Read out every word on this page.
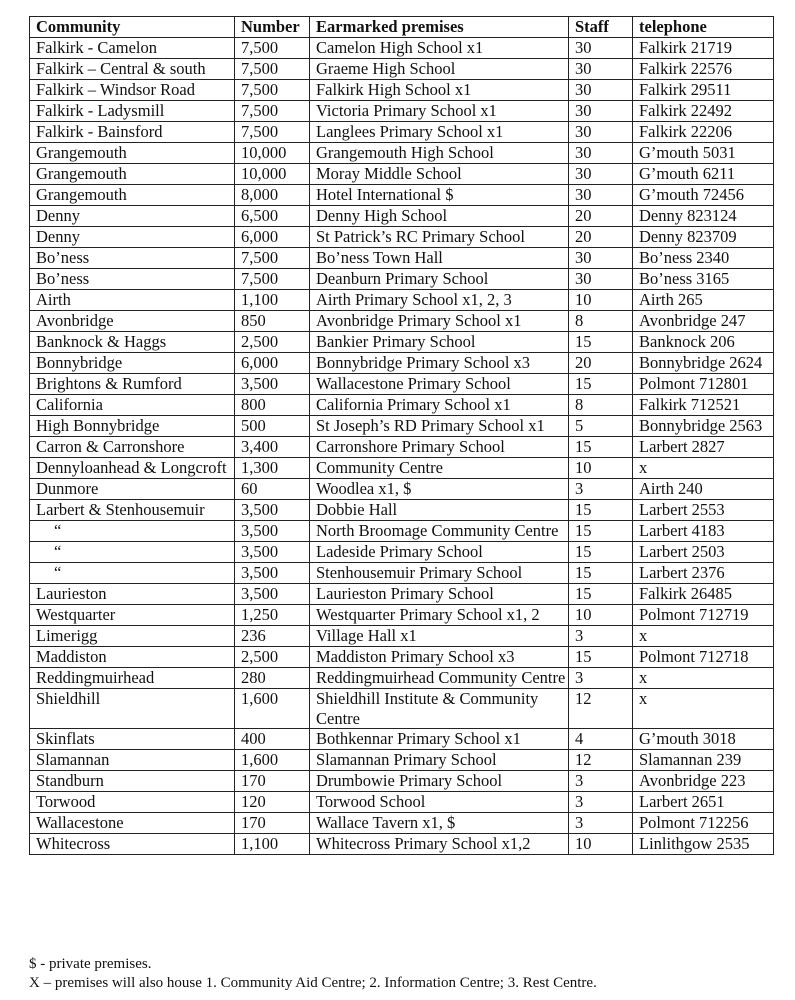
Community	Number	Earmarked premises	Staff	telephone
Falkirk - Camelon	7,500	Camelon High School x1	30	Falkirk 21719
Falkirk – Central & south	7,500	Graeme High School	30	Falkirk 22576
Falkirk – Windsor Road	7,500	Falkirk High School x1	30	Falkirk 29511
Falkirk - Ladysmill	7,500	Victoria Primary School x1	30	Falkirk 22492
Falkirk - Bainsford	7,500	Langlees Primary School x1	30	Falkirk 22206
Grangemouth	10,000	Grangemouth High School	30	G’mouth 5031
Grangemouth	10,000	Moray Middle School	30	G’mouth 6211
Grangemouth	8,000	Hotel International $	30	G’mouth 72456
Denny	6,500	Denny High School	20	Denny 823124
Denny	6,000	St Patrick’s RC Primary School	20	Denny 823709
Bo’ness	7,500	Bo’ness Town Hall	30	Bo’ness 2340
Bo’ness	7,500	Deanburn Primary School	30	Bo’ness 3165
Airth	1,100	Airth Primary School x1, 2, 3	10	Airth 265
Avonbridge	850	Avonbridge Primary School x1	8	Avonbridge 247
Banknock & Haggs	2,500	Bankier Primary School	15	Banknock 206
Bonnybridge	6,000	Bonnybridge Primary School x3	20	Bonnybridge 2624
Brightons & Rumford	3,500	Wallacestone Primary School	15	Polmont 712801
California	800	California Primary School x1	8	Falkirk 712521
High Bonnybridge	500	St Joseph’s RD Primary School x1	5	Bonnybridge 2563
Carron & Carronshore	3,400	Carronshore Primary School	15	Larbert 2827
Dennyloanhead & Longcroft	1,300	Community Centre	10	x
Dunmore	60	Woodlea x1, $	3	Airth 240
Larbert & Stenhousemuir	3,500	Dobbie Hall	15	Larbert 2553
“	3,500	North Broomage Community Centre	15	Larbert 4183
“	3,500	Ladeside Primary School	15	Larbert 2503
“	3,500	Stenhousemuir Primary School	15	Larbert 2376
Laurieston	3,500	Laurieston Primary School	15	Falkirk 26485
Westquarter	1,250	Westquarter Primary School x1, 2	10	Polmont 712719
Limerigg	236	Village Hall x1	3	x
Maddiston	2,500	Maddiston Primary School x3	15	Polmont 712718
Reddingmuirhead	280	Reddingmuirhead Community Centre	3	x
Shieldhill	1,600	Shieldhill Institute & Community Centre	12	x
Skinflats	400	Bothkennar Primary School x1	4	G’mouth 3018
Slamannan	1,600	Slamannan Primary School	12	Slamannan 239
Standburn	170	Drumbowie Primary School	3	Avonbridge 223
Torwood	120	Torwood School	3	Larbert 2651
Wallacestone	170	Wallace Tavern x1, $	3	Polmont 712256
Whitecross	1,100	Whitecross Primary School x1,2	10	Linlithgow 2535
$ - private premises.
X – premises will also house 1. Community Aid Centre; 2. Information Centre; 3. Rest Centre.
